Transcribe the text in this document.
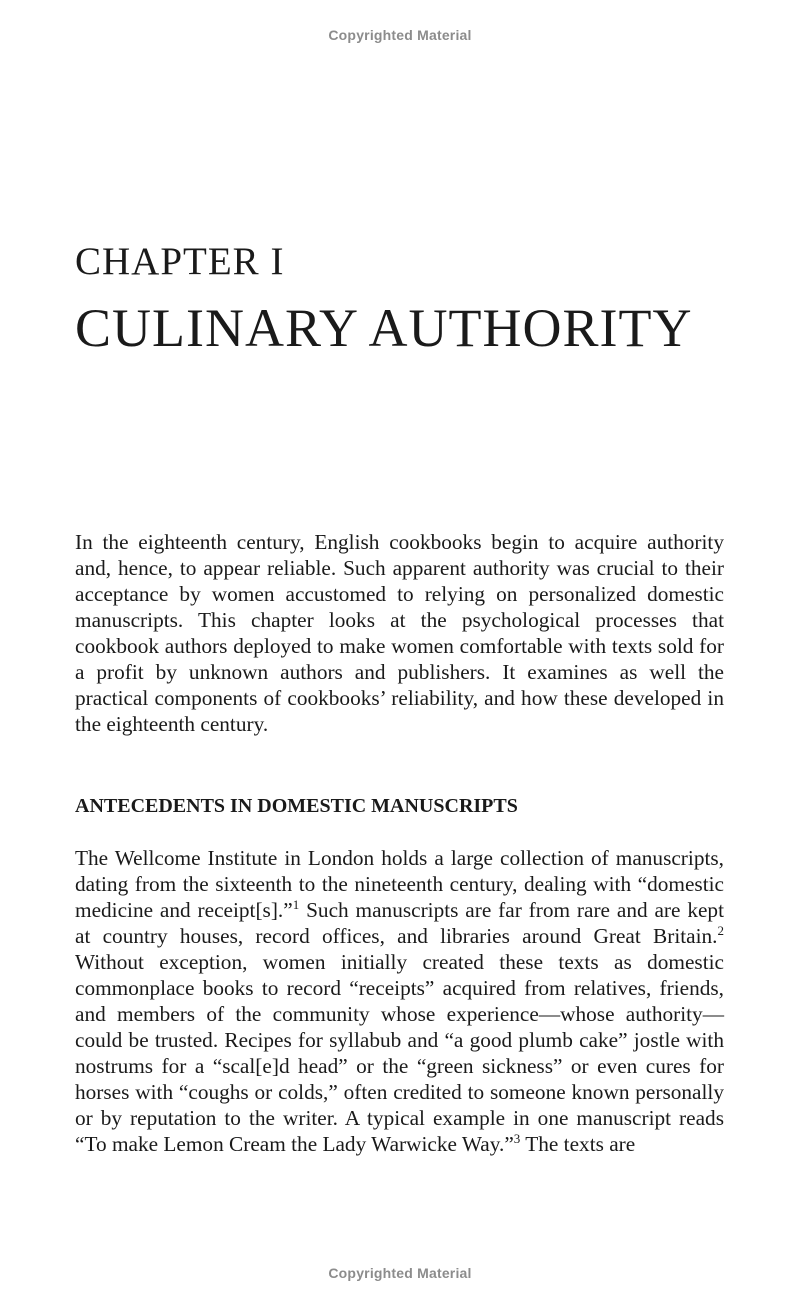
Copyrighted Material
CHAPTER I
CULINARY AUTHORITY

In the eighteenth century, English cookbooks begin to acquire authority and, hence, to appear reliable. Such apparent authority was crucial to their acceptance by women accustomed to relying on personalized domestic manuscripts. This chapter looks at the psychological processes that cookbook authors deployed to make women comfortable with texts sold for a profit by unknown authors and publishers. It examines as well the practical components of cookbooks’ reliability, and how these developed in the eighteenth century.

ANTECEDENTS IN DOMESTIC MANUSCRIPTS

The Wellcome Institute in London holds a large collection of manuscripts, dating from the sixteenth to the nineteenth century, dealing with “domestic medicine and receipt[s].”$^1$ Such manuscripts are far from rare and are kept at country houses, record offices, and libraries around Great Britain.$^2$ Without exception, women initially created these texts as domestic commonplace books to record “receipts” acquired from relatives, friends, and members of the community whose experience—whose authority—could be trusted. Recipes for syllabub and “a good plumb cake” jostle with nostrums for a “scal[e]d head” or the “green sickness” or even cures for horses with “coughs or colds,” often credited to someone known personally or by reputation to the writer. A typical example in one manuscript reads “To make Lemon Cream the Lady Warwicke Way.”$^3$ The texts are

Copyrighted Material
